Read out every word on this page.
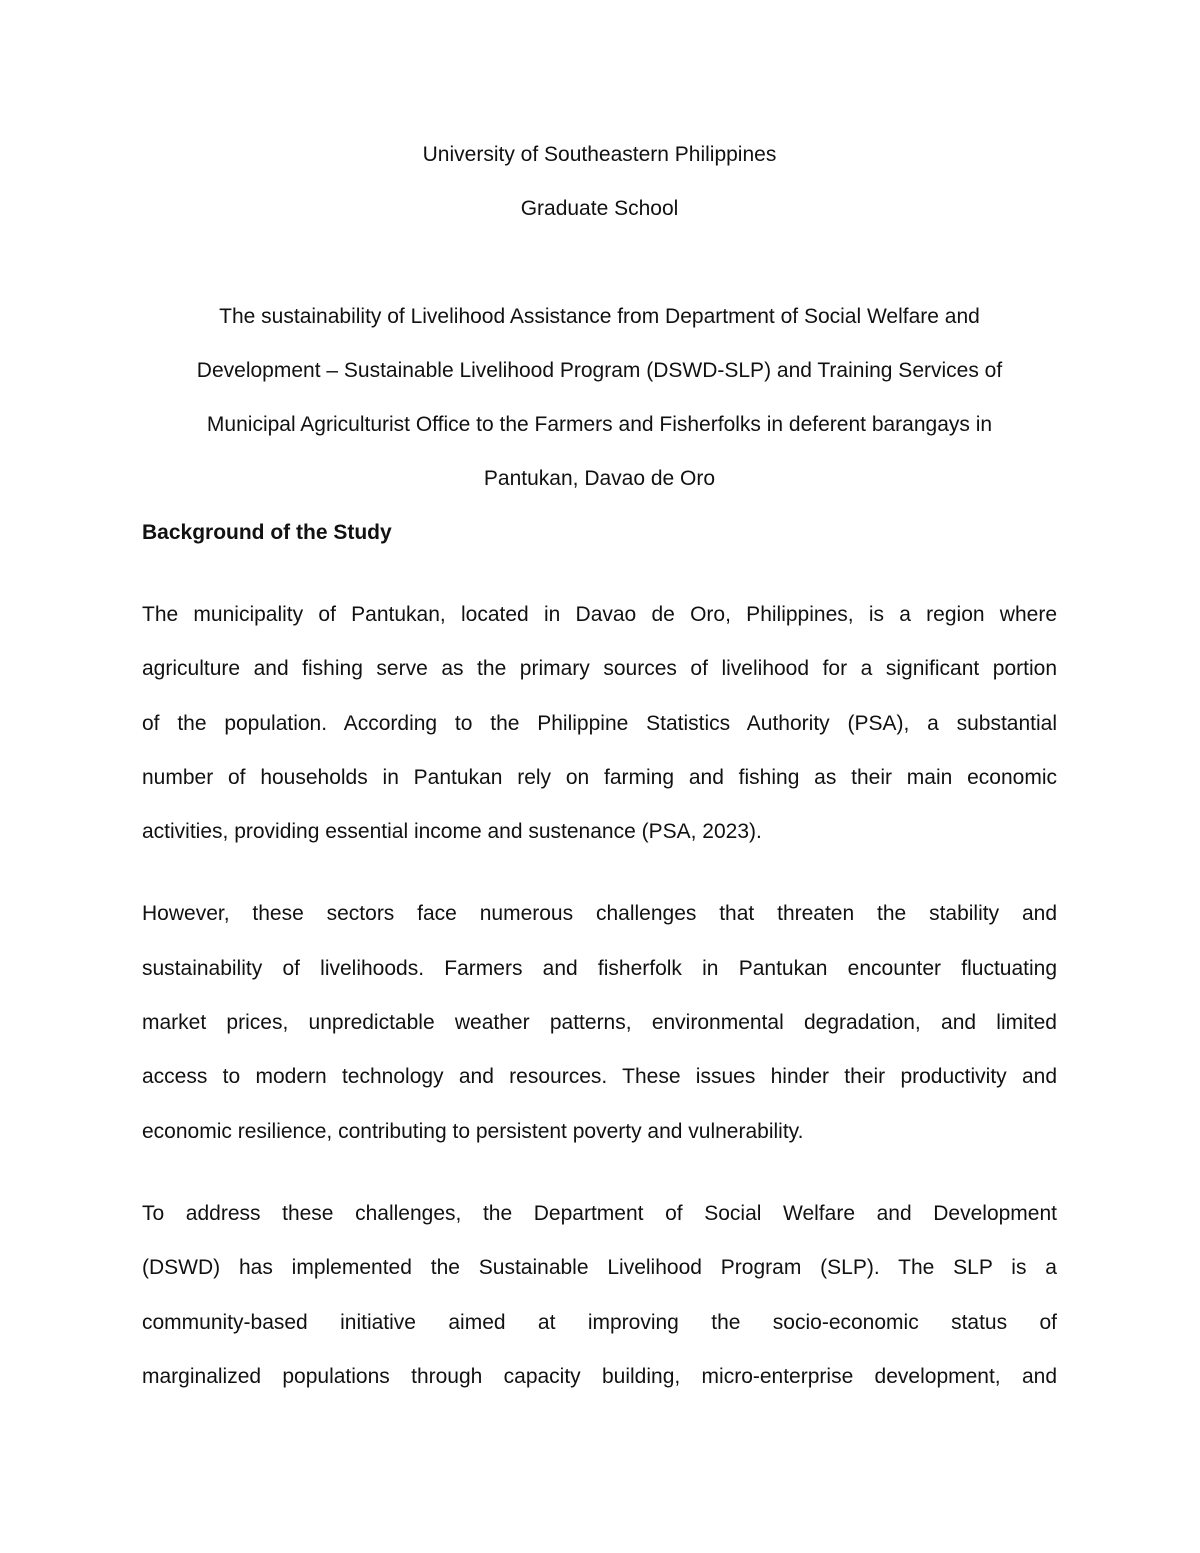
University of Southeastern Philippines

Graduate School

The sustainability of Livelihood Assistance from Department of Social Welfare and

Development – Sustainable Livelihood Program (DSWD-SLP) and Training Services of

Municipal Agriculturist Office to the Farmers and Fisherfolks in deferent barangays in

Pantukan, Davao de Oro

Background of the Study
The municipality of Pantukan, located in Davao de Oro, Philippines, is a region where
agriculture and fishing serve as the primary sources of livelihood for a significant portion
of the population. According to the Philippine Statistics Authority (PSA), a substantial
number of households in Pantukan rely on farming and fishing as their main economic
activities, providing essential income and sustenance (PSA, 2023).
However, these sectors face numerous challenges that threaten the stability and
sustainability of livelihoods. Farmers and fisherfolk in Pantukan encounter fluctuating
market prices, unpredictable weather patterns, environmental degradation, and limited
access to modern technology and resources. These issues hinder their productivity and
economic resilience, contributing to persistent poverty and vulnerability.
To address these challenges, the Department of Social Welfare and Development
(DSWD) has implemented the Sustainable Livelihood Program (SLP). The SLP is a
community-based initiative aimed at improving the socio-economic status of
marginalized populations through capacity building, micro-enterprise development, and
